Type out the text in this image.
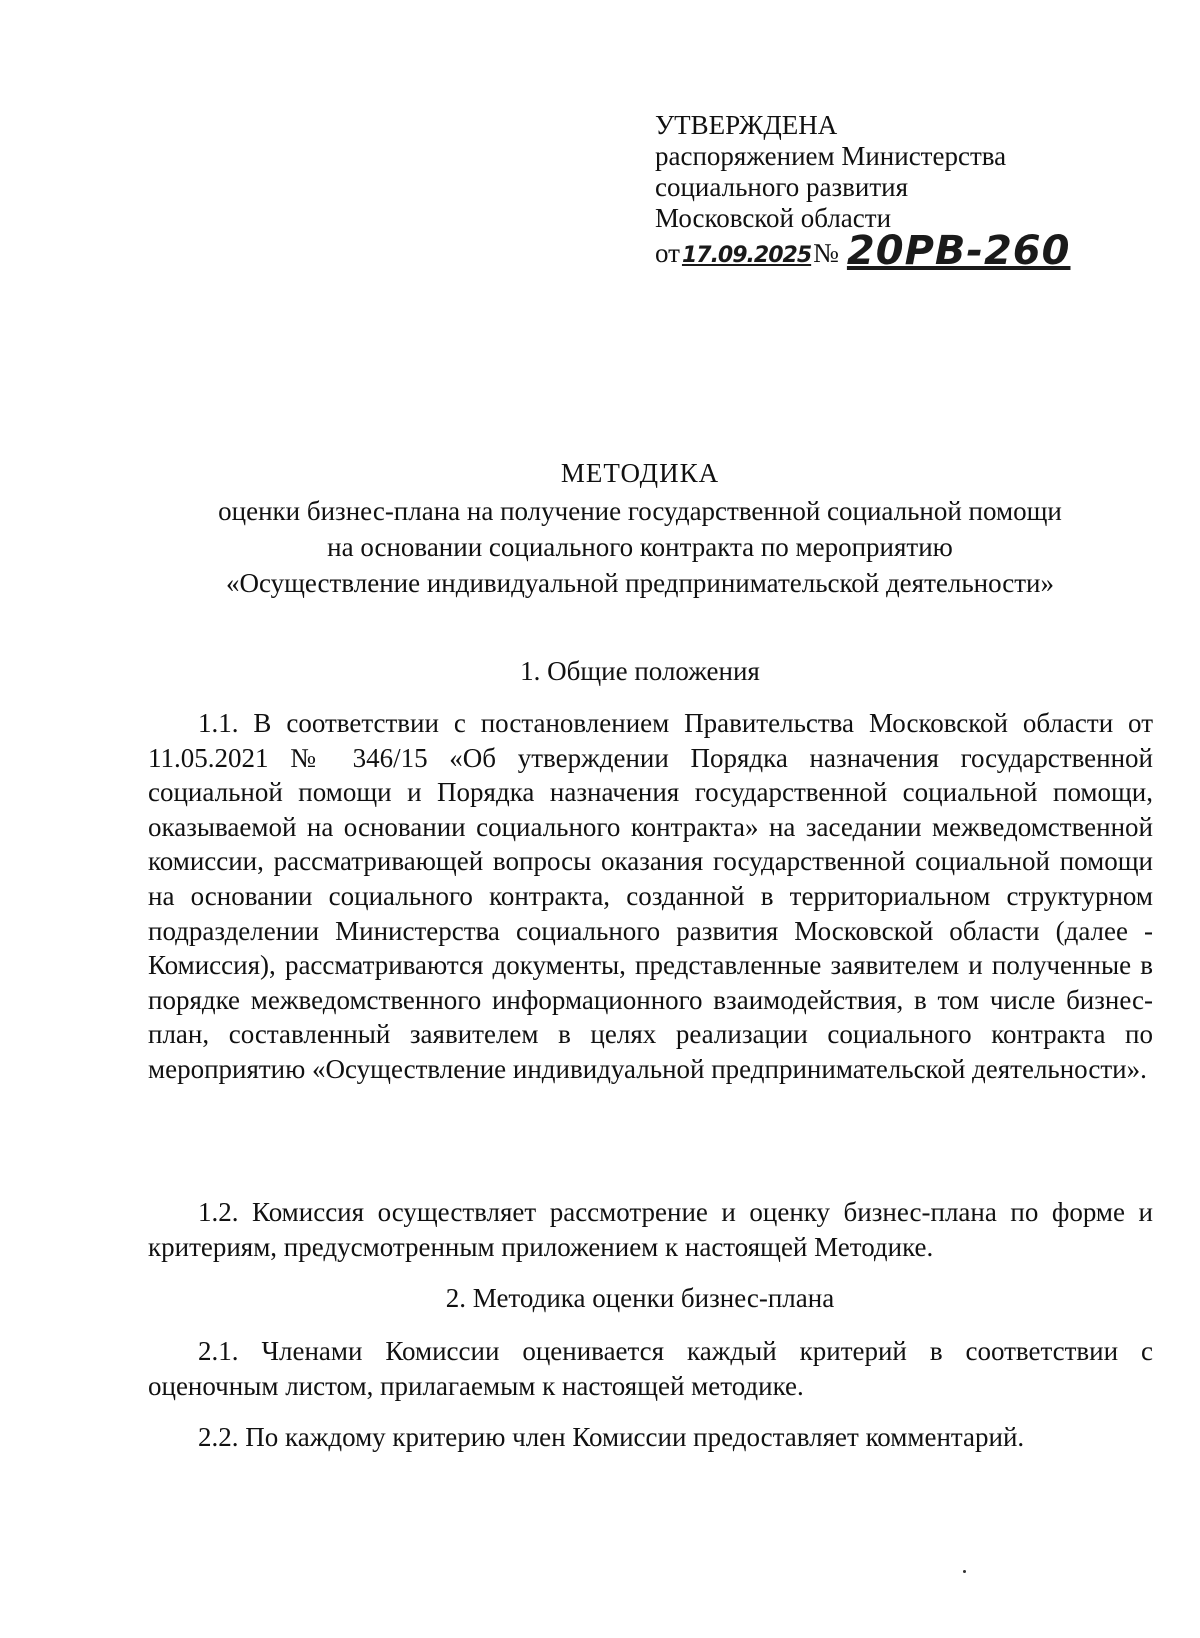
УТВЕРЖДЕНА
распоряжением Министерства
социального развития
Московской области
от17.09.2025№ 20РВ-260
МЕТОДИКА
оценки бизнес-плана на получение государственной социальной помощи
на основании социального контракта по мероприятию
«Осуществление индивидуальной предпринимательской деятельности»
1. Общие положения
1.1. В соответствии с постановлением Правительства Московской области от 11.05.2021 № 346/15 «Об утверждении Порядка назначения государственной социальной помощи и Порядка назначения государственной социальной помощи, оказываемой на основании социального контракта» на заседании межведомственной комиссии, рассматривающей вопросы оказания государственной социальной помощи на основании социального контракта, созданной в территориальном структурном подразделении Министерства социального развития Московской области (далее - Комиссия), рассматриваются документы, представленные заявителем и полученные в порядке межведомственного информационного взаимодействия, в том числе бизнес-план, составленный заявителем в целях реализации социального контракта по мероприятию «Осуществление индивидуальной предпринимательской деятельности».
1.2. Комиссия осуществляет рассмотрение и оценку бизнес-плана по форме и критериям, предусмотренным приложением к настоящей Методике.
2. Методика оценки бизнес-плана
2.1. Членами Комиссии оценивается каждый критерий в соответствии с оценочным листом, прилагаемым к настоящей методике.
2.2. По каждому критерию член Комиссии предоставляет комментарий.
